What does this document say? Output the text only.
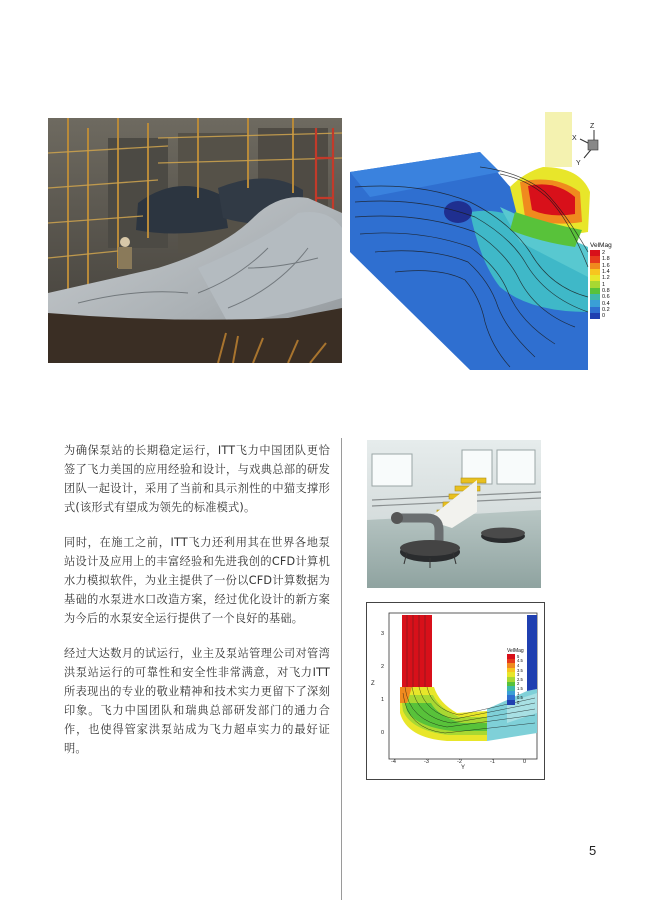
Z
X
Y
VelMag
2
1.8
1.6
1.4
1.2
1
0.8
0.6
0.4
0.2
0
3
2
1
0
-4	-3	-2	-1	0
Y
Z
VelMag
5
4.5
4
3.5
3
2.5
2
1.5
1
0.5
0

为确保泵站的长期稳定运行，ITT飞力中国团队更恰签了飞力美国的应用经验和设计，与戏典总部的研发团队一起设计，采用了当前和具示剂性的中猫支撑形式(该形式有望成为领先的标准模式)。

同时，在施工之前，ITT飞力还利用其在世界各地泵站设计及应用上的丰富经验和先进我创的CFD计算机水力模拟软件，为业主提供了一份以CFD计算数据为基础的水泵进水口改造方案，经过优化设计的新方案为今后的水泵安全运行提供了一个良好的基础。

经过大达数月的试运行，业主及泵站管理公司对管湾洪泵站运行的可靠性和安全性非常满意，对飞力ITT所表现出的专业的敬业精神和技术实力更留下了深刻印象。飞力中国团队和瑞典总部研发部门的通力合作，也使得管家洪泵站成为飞力超卓实力的最好证明。

5
